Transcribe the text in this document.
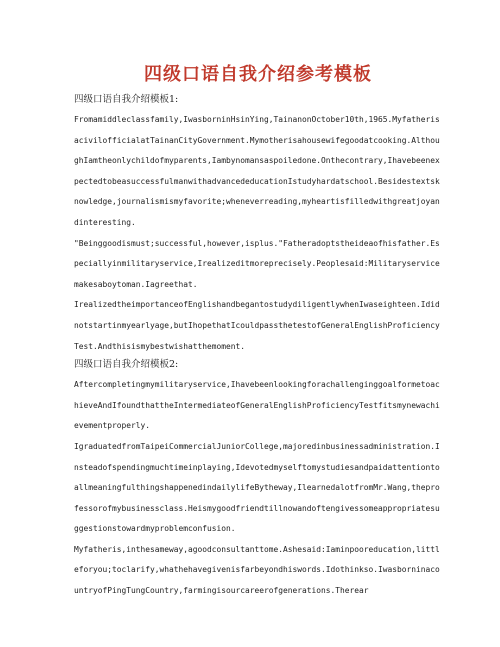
四级口语自我介绍参考模板
四级口语自我介绍模板1:

Fromamiddleclassfamily,IwasborninHsinYing,TainanonOctober10th,1965.MyfatherisacivilofficialatTainanCityGovernment.Mymotherisahousewifegoodatcooking.AlthoughIamtheonlychildofmyparents,Iambynomansaspoiledone.Onthecontrary,IhavebeenexpectedtobeasuccessfulmanwithadvancededucationIstudyhardatschool.Besidestextsknowledge,journalismismyfavorite;wheneverreading,myheartisfilledwithgreatjoyandinteresting.

"Beinggoodismust;successful,however,isplus."Fatheradoptstheideaofhisfather.Especiallyinmilitaryservice,Irealizeditmoreprecisely.Peoplesaid:Militaryservicemakesaboytoman.Iagreethat.

IrealizedtheimportanceofEnglishandbegantostudydiligentlywhenIwaseighteen.Ididnotstartinmyearlyage,butIhopethatIcouldpassthetestofGeneralEnglishProficiencyTest.Andthisismybestwishatthemoment.

四级口语自我介绍模板2:

Aftercompletingmymilitaryservice,IhavebeenlookingforachallenginggoalformetoachieveAndIfoundthattheIntermediateofGeneralEnglishProficiencyTestfitsmynewachievementproperly.

IgraduatedfromTaipeiCommercialJuniorCollege,majoredinbusinessadministration.Insteadofspendingmuchtimeinplaying,IdevotedmyselftomystudiesandpaidattentiontoallmeaningfulthingshappenedindailylifeBytheway,IlearnedalotfromMr.Wang,theprofessorofmybusinessclass.Heismygoodfriendtillnowandoftengivessomeappropriatesuggestionstowardmyproblemconfusion.

Myfatheris,inthesameway,agoodconsultanttome.Ashesaid:Iaminpooreducation,littleforyou;toclarify,whathehavegivenisfarbeyondhiswords.Idothinkso.IwasborninacountryofPingTungCountry,farmingisourcareerofgenerations.Therear
